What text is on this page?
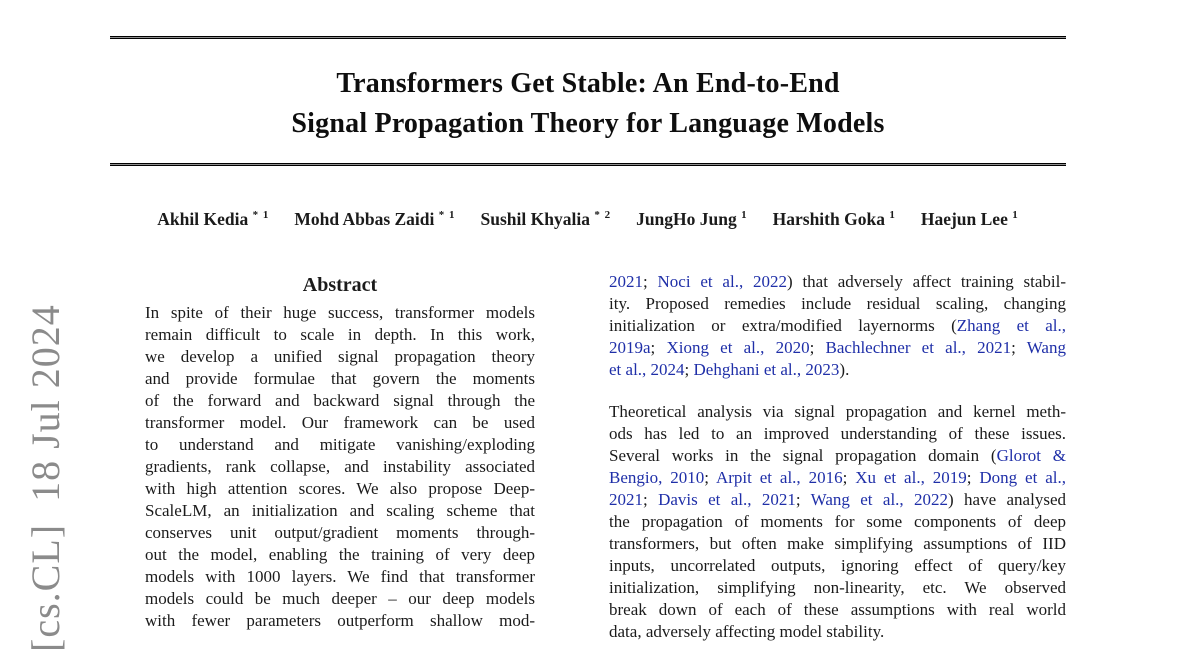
[cs.CL]  18 Jul 2024
Transformers Get Stable: An End-to-End
Signal Propagation Theory for Language Models
Akhil Kedia $^{* 1}$ Mohd Abbas Zaidi $^{* 1}$ Sushil Khyalia $^{* 2}$ JungHo Jung $^1$ Harshith Goka $^1$ Haejun Lee $^1$
Abstract
In spite of their huge success, transformer models
remain difficult to scale in depth. In this work,
we develop a unified signal propagation theory
and provide formulae that govern the moments
of the forward and backward signal through the
transformer model. Our framework can be used
to understand and mitigate vanishing/exploding
gradients, rank collapse, and instability associated
with high attention scores. We also propose Deep-
ScaleLM, an initialization and scaling scheme that
conserves unit output/gradient moments through-
out the model, enabling the training of very deep
models with 1000 layers. We find that transformer
models could be much deeper – our deep models
with fewer parameters outperform shallow mod-
2021; Noci et al., 2022) that adversely affect training stabil-
ity. Proposed remedies include residual scaling, changing
initialization or extra/modified layernorms (Zhang et al.,
2019a; Xiong et al., 2020; Bachlechner et al., 2021; Wang
et al., 2024; Dehghani et al., 2023).
Theoretical analysis via signal propagation and kernel meth-
ods has led to an improved understanding of these issues.
Several works in the signal propagation domain (Glorot &
Bengio, 2010; Arpit et al., 2016; Xu et al., 2019; Dong et al.,
2021; Davis et al., 2021; Wang et al., 2022) have analysed
the propagation of moments for some components of deep
transformers, but often make simplifying assumptions of IID
inputs, uncorrelated outputs, ignoring effect of query/key
initialization, simplifying non-linearity, etc. We observed
break down of each of these assumptions with real world
data, adversely affecting model stability.
